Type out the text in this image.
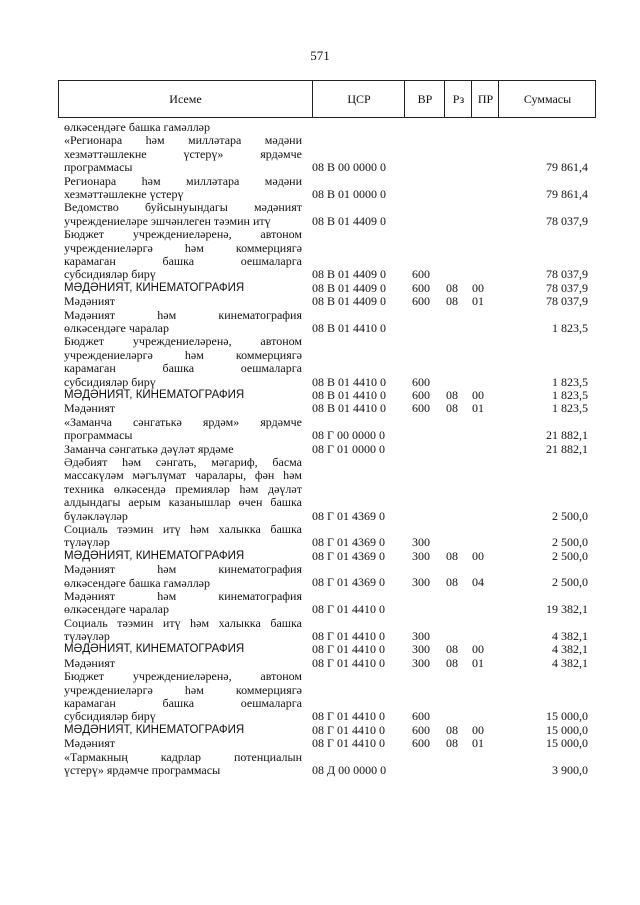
571
Исеме	ЦСР	ВР	Рз	ПР	Суммасы
өлкәсендәге башка гамәлләр
«Регионара һәм милләтара мәдәни
хезмәттәшлекне үстерү» ярдәмче
программасы	08 В 00 0000 0	79 861,4
Регионара һәм милләтара мәдәни
хезмәттәшлекне үстерү	08 В 01 0000 0	79 861,4
Ведомство буйсынуындагы мәдәният
учреждениеләре эшчәнлеген тәэмин итү	08 В 01 4409 0	78 037,9
Бюджет учреждениеләренә, автоном
учреждениеләргә һәм коммерциягә
карамаган башка оешмаларга
субсидияләр бирү	08 В 01 4409 0	600	78 037,9
МӘДӘНИЯТ, КИНЕМАТОГРАФИЯ	08 В 01 4409 0	600	08	00	78 037,9
Мәдәният	08 В 01 4409 0	600	08	01	78 037,9
Мәдәният һәм кинематография
өлкәсендәге чаралар	08 В 01 4410 0	1 823,5
Бюджет учреждениеләренә, автоном
учреждениеләргә һәм коммерциягә
карамаган башка оешмаларга
субсидияләр бирү	08 В 01 4410 0	600	1 823,5
МӘДӘНИЯТ, КИНЕМАТОГРАФИЯ	08 В 01 4410 0	600	08	00	1 823,5
Мәдәният	08 В 01 4410 0	600	08	01	1 823,5
«Заманча сәнгатькә ярдәм» ярдәмче
программасы	08 Г 00 0000 0	21 882,1
Заманча сәнгатькә дәүләт ярдәме	08 Г 01 0000 0	21 882,1
Әдәбият һәм сәнгать, мәгариф, басма
массакүләм мәгълүмат чаралары, фән һәм
техника өлкәсендә премияләр һәм дәүләт
алдындагы аерым казанышлар өчен башка
бүләкләүләр	08 Г 01 4369 0	2 500,0
Социаль тәэмин итү һәм халыкка башка
түләүләр	08 Г 01 4369 0	300	2 500,0
МӘДӘНИЯТ, КИНЕМАТОГРАФИЯ	08 Г 01 4369 0	300	08	00	2 500,0
Мәдәният һәм кинематография
өлкәсендәге башка гамәлләр	08 Г 01 4369 0	300	08	04	2 500,0
Мәдәният һәм кинематография
өлкәсендәге чаралар	08 Г 01 4410 0	19 382,1
Социаль тәэмин итү һәм халыкка башка
түләүләр	08 Г 01 4410 0	300	4 382,1
МӘДӘНИЯТ, КИНЕМАТОГРАФИЯ	08 Г 01 4410 0	300	08	00	4 382,1
Мәдәният	08 Г 01 4410 0	300	08	01	4 382,1
Бюджет учреждениеләренә, автоном
учреждениеләргә һәм коммерциягә
карамаган башка оешмаларга
субсидияләр бирү	08 Г 01 4410 0	600	15 000,0
МӘДӘНИЯТ, КИНЕМАТОГРАФИЯ	08 Г 01 4410 0	600	08	00	15 000,0
Мәдәният	08 Г 01 4410 0	600	08	01	15 000,0
«Тармакның кадрлар потенциалын
үстерү» ярдәмче программасы	08 Д 00 0000 0	3 900,0
